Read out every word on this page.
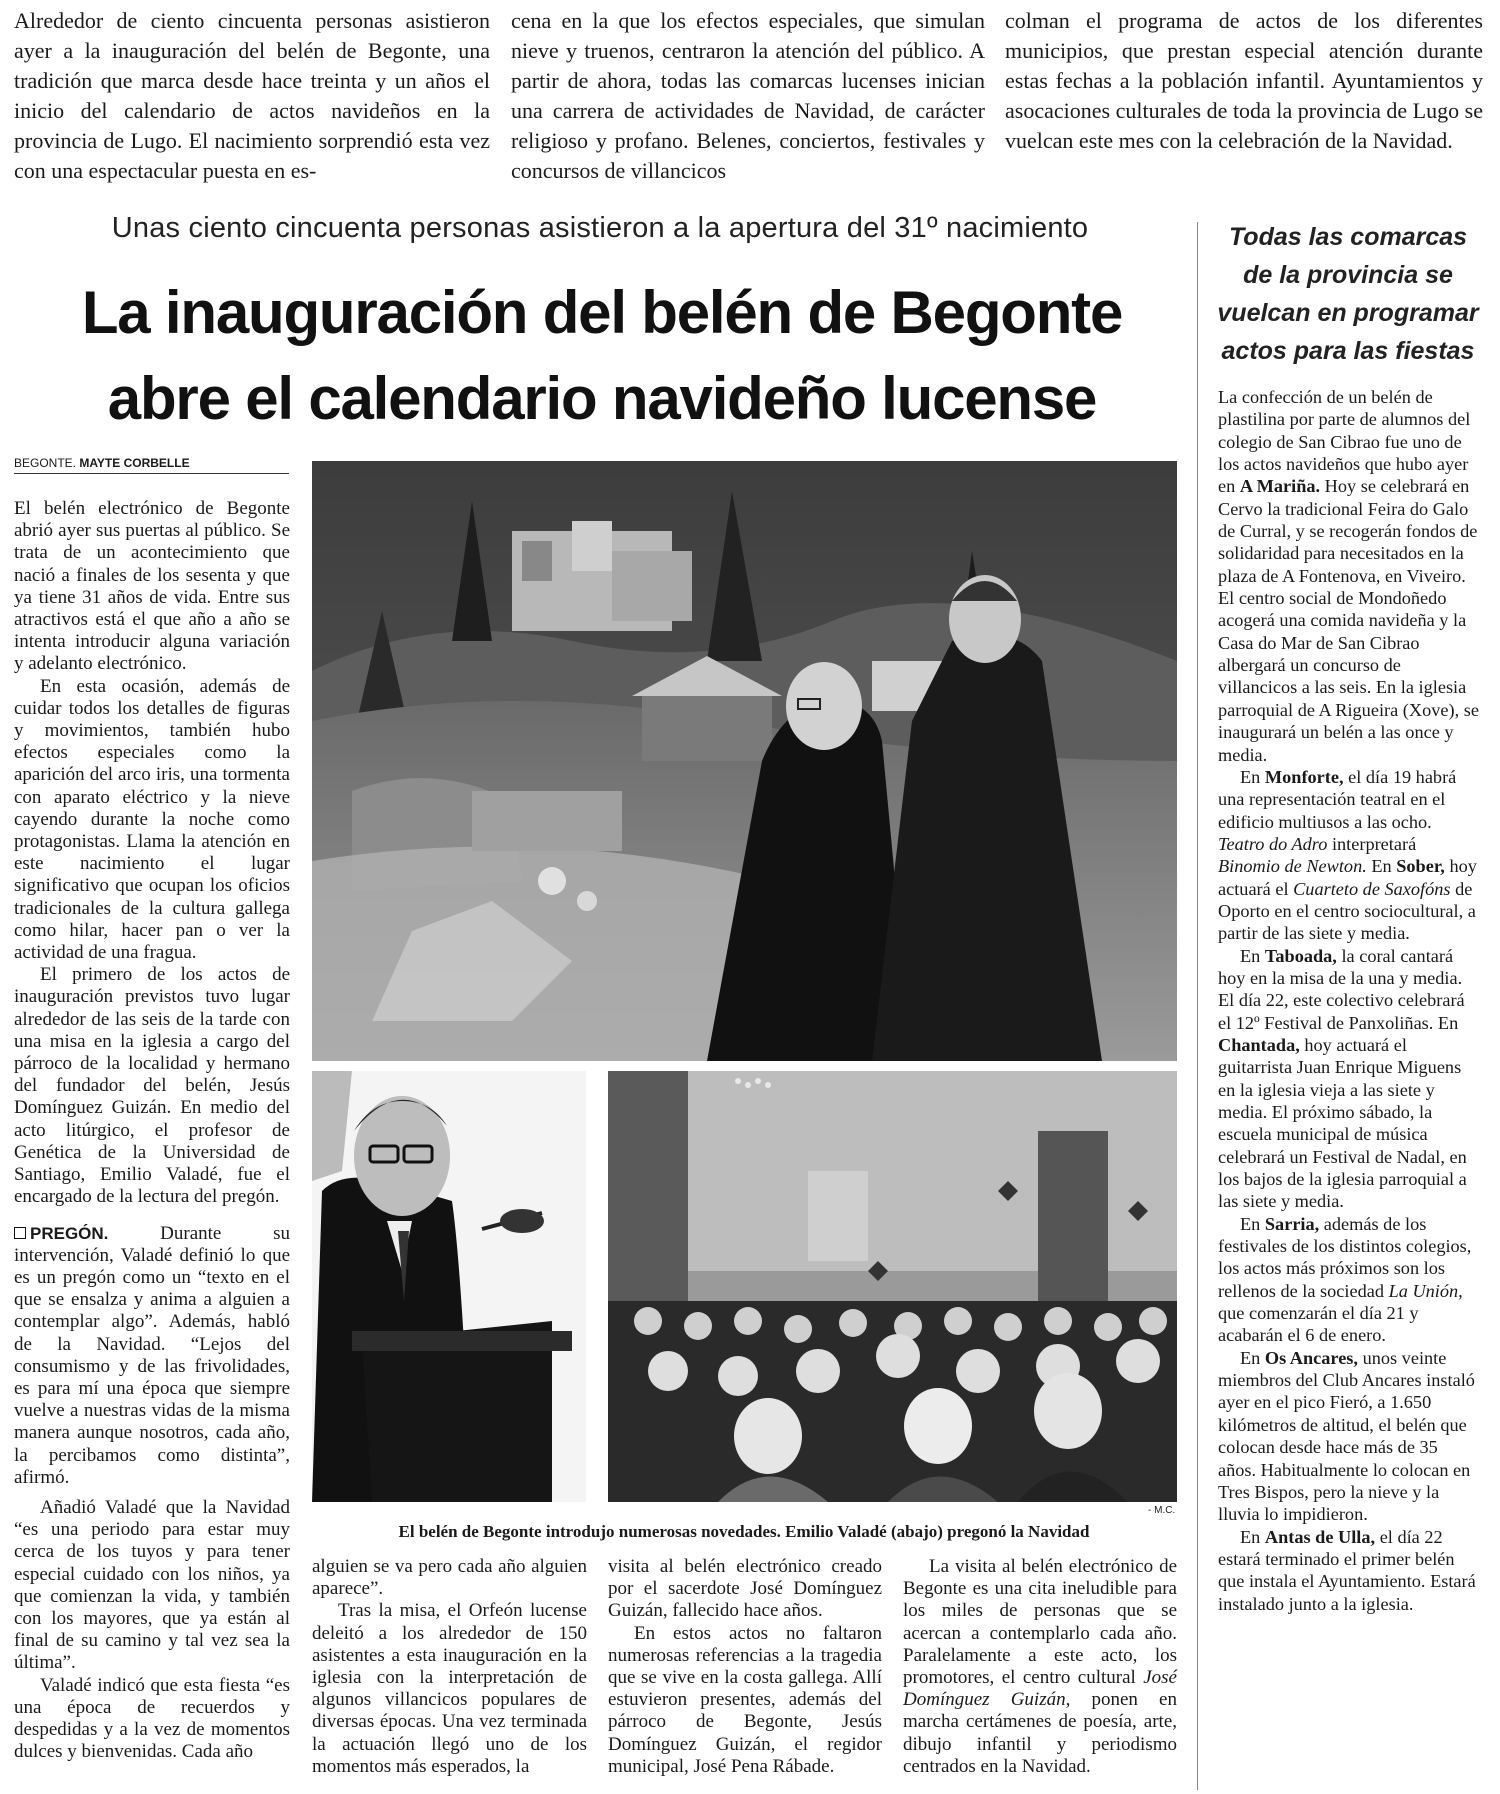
Alrededor de ciento cincuenta personas asistieron ayer a la inauguración del belén de Begonte, una tradición que marca desde hace treinta y un años el inicio del calendario de actos navideños en la provincia de Lugo. El nacimiento sorprendió esta vez con una espectacular puesta en es-

cena en la que los efectos especiales, que simulan nieve y truenos, centraron la atención del público. A partir de ahora, todas las comarcas lucenses inician una carrera de actividades de Navidad, de carácter religioso y profano. Belenes, conciertos, festivales y concursos de villancicos

colman el programa de actos de los diferentes municipios, que prestan especial atención durante estas fechas a la población infantil. Ayuntamientos y asocaciones culturales de toda la provincia de Lugo se vuelcan este mes con la celebración de la Navidad.

Unas ciento cincuenta personas asistieron a la apertura del 31º nacimiento
La inauguración del belén de Begonte
abre el calendario navideño lucense
BEGONTE. MAYTE CORBELLE

El belén electrónico de Begonte abrió ayer sus puertas al público. Se trata de un acontecimiento que nació a finales de los sesenta y que ya tiene 31 años de vida. Entre sus atractivos está el que año a año se intenta introducir alguna variación y adelanto electrónico.

En esta ocasión, además de cuidar todos los detalles de figuras y movimientos, también hubo efectos especiales como la aparición del arco iris, una tormenta con aparato eléctrico y la nieve cayendo durante la noche como protagonistas. Llama la atención en este nacimiento el lugar significativo que ocupan los oficios tradicionales de la cultura gallega como hilar, hacer pan o ver la actividad de una fragua.

El primero de los actos de inauguración previstos tuvo lugar alrededor de las seis de la tarde con una misa en la iglesia a cargo del párroco de la localidad y hermano del fundador del belén, Jesús Domínguez Guizán. En medio del acto litúrgico, el profesor de Genética de la Universidad de Santiago, Emilio Valadé, fue el encargado de la lectura del pregón.

PREGÓN.	Durante su intervención, Valadé definió lo que es un pregón como un “texto en el que se ensalza y anima a alguien a contemplar algo”. Además, habló de la Navidad. “Lejos del consumismo y de las frivolidades, es para mí una época que siempre vuelve a nuestras vidas de la misma manera aunque nosotros, cada año, la percibamos como distinta”, afirmó.

Añadió Valadé que la Navidad “es una periodo para estar muy cerca de los tuyos y para tener especial cuidado con los niños, ya que comienzan la vida, y también con los mayores, que ya están al final de su camino y tal vez sea la última”.

Valadé indicó que esta fiesta “es una época de recuerdos y despedidas y a la vez de momentos dulces y bienvenidas. Cada año

- M.C.
El belén de Begonte introdujo numerosas novedades. Emilio Valadé (abajo) pregonó la Navidad

alguien se va pero cada año alguien aparece”.

Tras la misa, el Orfeón lucense deleitó a los alrededor de 150 asistentes a esta inauguración en la iglesia con la interpretación de algunos villancicos populares de diversas épocas. Una vez terminada la actuación llegó uno de los momentos más esperados, la

visita al belén electrónico creado por el sacerdote José Domínguez Guizán, fallecido hace años.

En estos actos no faltaron numerosas referencias a la tragedia que se vive en la costa gallega. Allí estuvieron presentes, además del párroco de Begonte, Jesús Domínguez Guizán, el regidor municipal, José Pena Rábade.

La visita al belén electrónico de Begonte es una cita ineludible para los miles de personas que se acercan a contemplarlo cada año. Paralelamente a este acto, los promotores, el centro cultural José Domínguez Guizán, ponen en marcha certámenes de poesía, arte, dibujo infantil y periodismo centrados en la Navidad.

Todas las comarcas de la provincia se vuelcan en programar actos para las fiestas

La confección de un belén de plastilina por parte de alumnos del colegio de San Cibrao fue uno de los actos navideños que hubo ayer en A Mariña. Hoy se celebrará en Cervo la tradicional Feira do Galo de Curral, y se recogerán fondos de solidaridad para necesitados en la plaza de A Fontenova, en Viveiro. El centro social de Mondoñedo acogerá una comida navideña y la Casa do Mar de San Cibrao albergará un concurso de villancicos a las seis. En la iglesia parroquial de A Rigueira (Xove), se inaugurará un belén a las once y media.

En Monforte, el día 19 habrá una representación teatral en el edificio multiusos a las ocho. Teatro do Adro interpretará Binomio de Newton. En Sober, hoy actuará el Cuarteto de Saxofóns de Oporto en el centro sociocultural, a partir de las siete y media.

En Taboada, la coral cantará hoy en la misa de la una y media. El día 22, este colectivo celebrará el 12º Festival de Panxoliñas. En Chantada, hoy actuará el guitarrista Juan Enrique Miguens en la iglesia vieja a las siete y media. El próximo sábado, la escuela municipal de música celebrará un Festival de Nadal, en los bajos de la iglesia parroquial a las siete y media.

En Sarria, además de los festivales de los distintos colegios, los actos más próximos son los rellenos de la sociedad La Unión, que comenzarán el día 21 y acabarán el 6 de enero.

En Os Ancares, unos veinte miembros del Club Ancares instaló ayer en el pico Fieró, a 1.650 kilómetros de altitud, el belén que colocan desde hace más de 35 años. Habitualmente lo colocan en Tres Bispos, pero la nieve y la lluvia lo impidieron.

En Antas de Ulla, el día 22 estará terminado el primer belén que instala el Ayuntamiento. Estará instalado junto a la iglesia.
